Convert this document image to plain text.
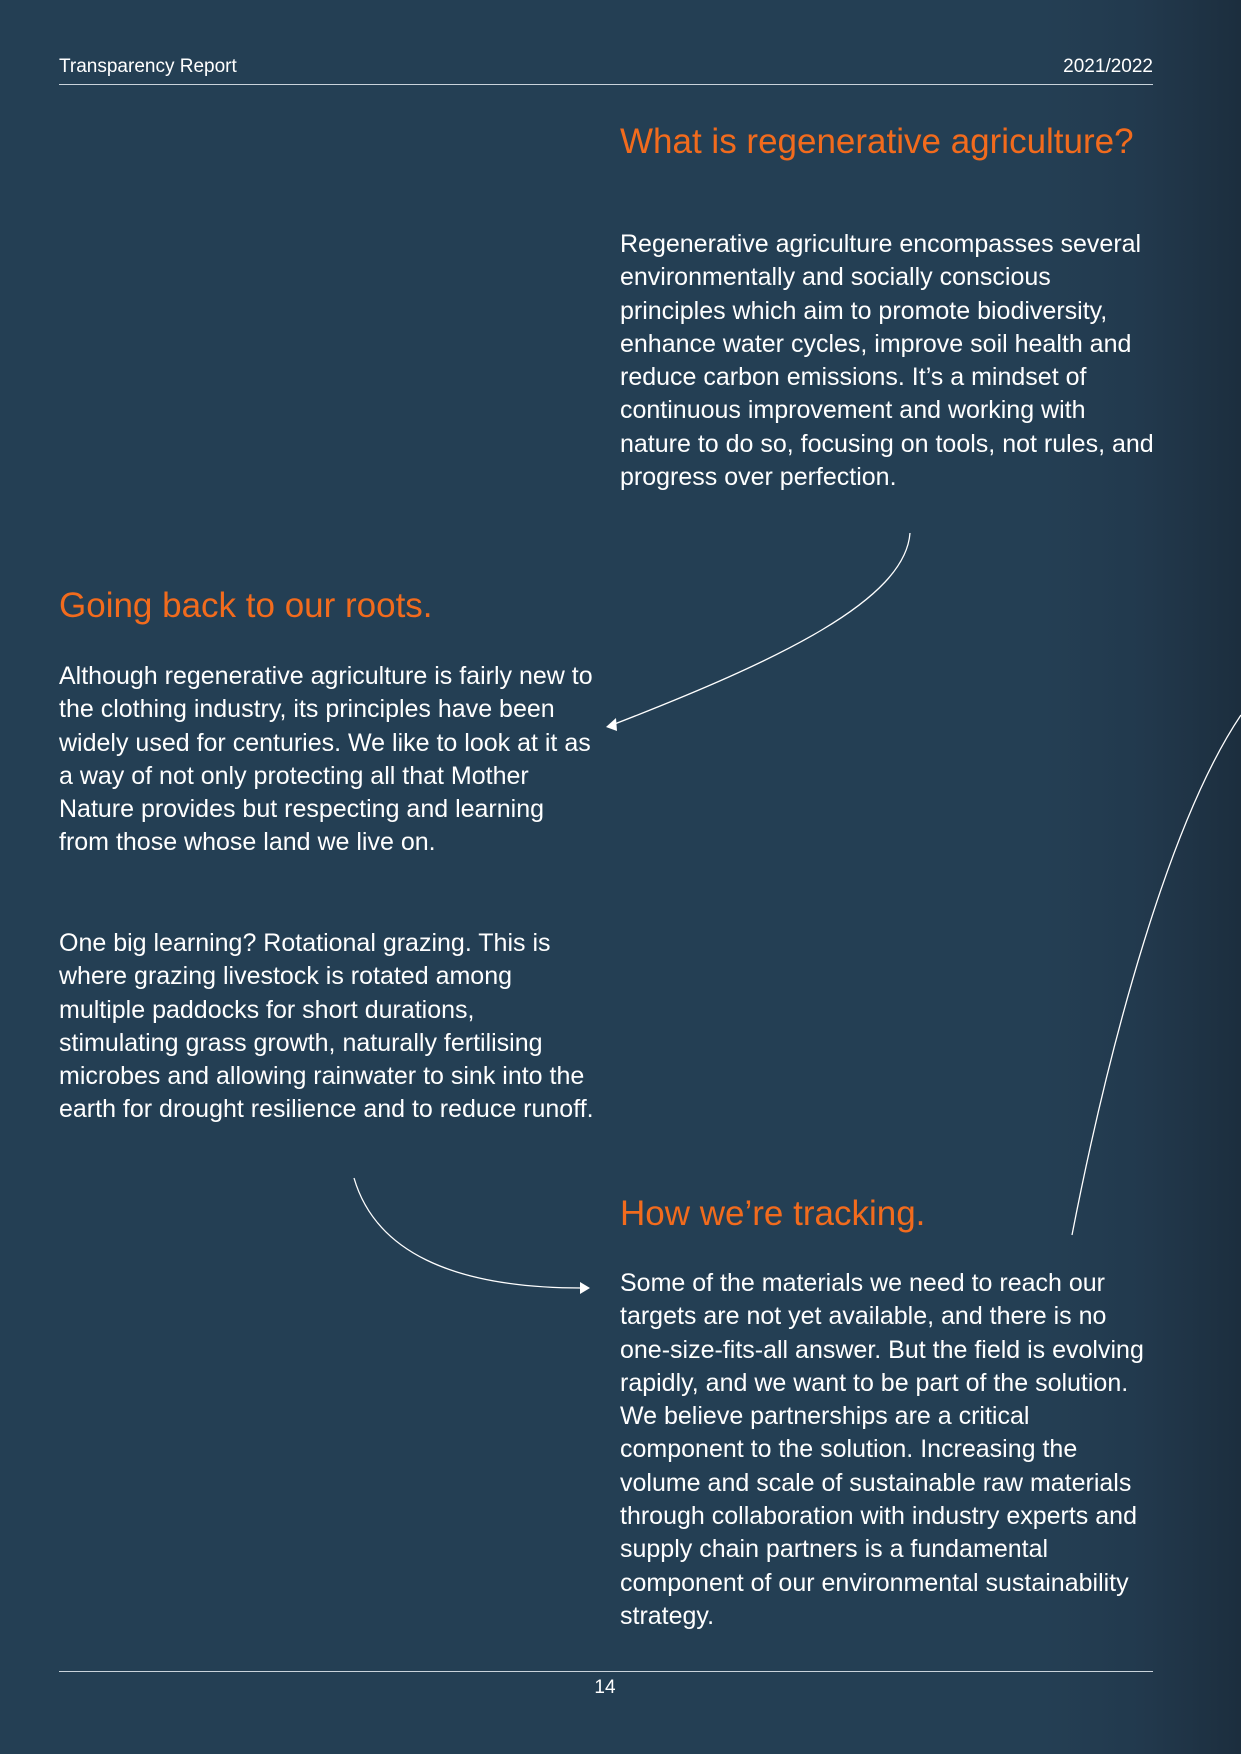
Transparency Report	2021/2022
What is regenerative agriculture?

Regenerative agriculture encompasses several environmentally and socially conscious principles which aim to promote biodiversity, enhance water cycles, improve soil health and reduce carbon emissions. It’s a mindset of continuous improvement and working with nature to do so, focusing on tools, not rules, and progress over perfection.

Going back to our roots.

Although regenerative agriculture is fairly new to the clothing industry, its principles have been widely used for centuries. We like to look at it as a way of not only protecting all that Mother Nature provides but respecting and learning from those whose land we live on.

One big learning? Rotational grazing. This is where grazing livestock is rotated among multiple paddocks for short durations, stimulating grass growth, naturally fertilising microbes and allowing rainwater to sink into the earth for drought resilience and to reduce runoff.

How we’re tracking.

Some of the materials we need to reach our targets are not yet available, and there is no one-size-fits-all answer. But the field is evolving rapidly, and we want to be part of the solution. We believe partnerships are a critical component to the solution. Increasing the volume and scale of sustainable raw materials through collaboration with industry experts and supply chain partners is a fundamental component of our environmental sustainability strategy.

14
